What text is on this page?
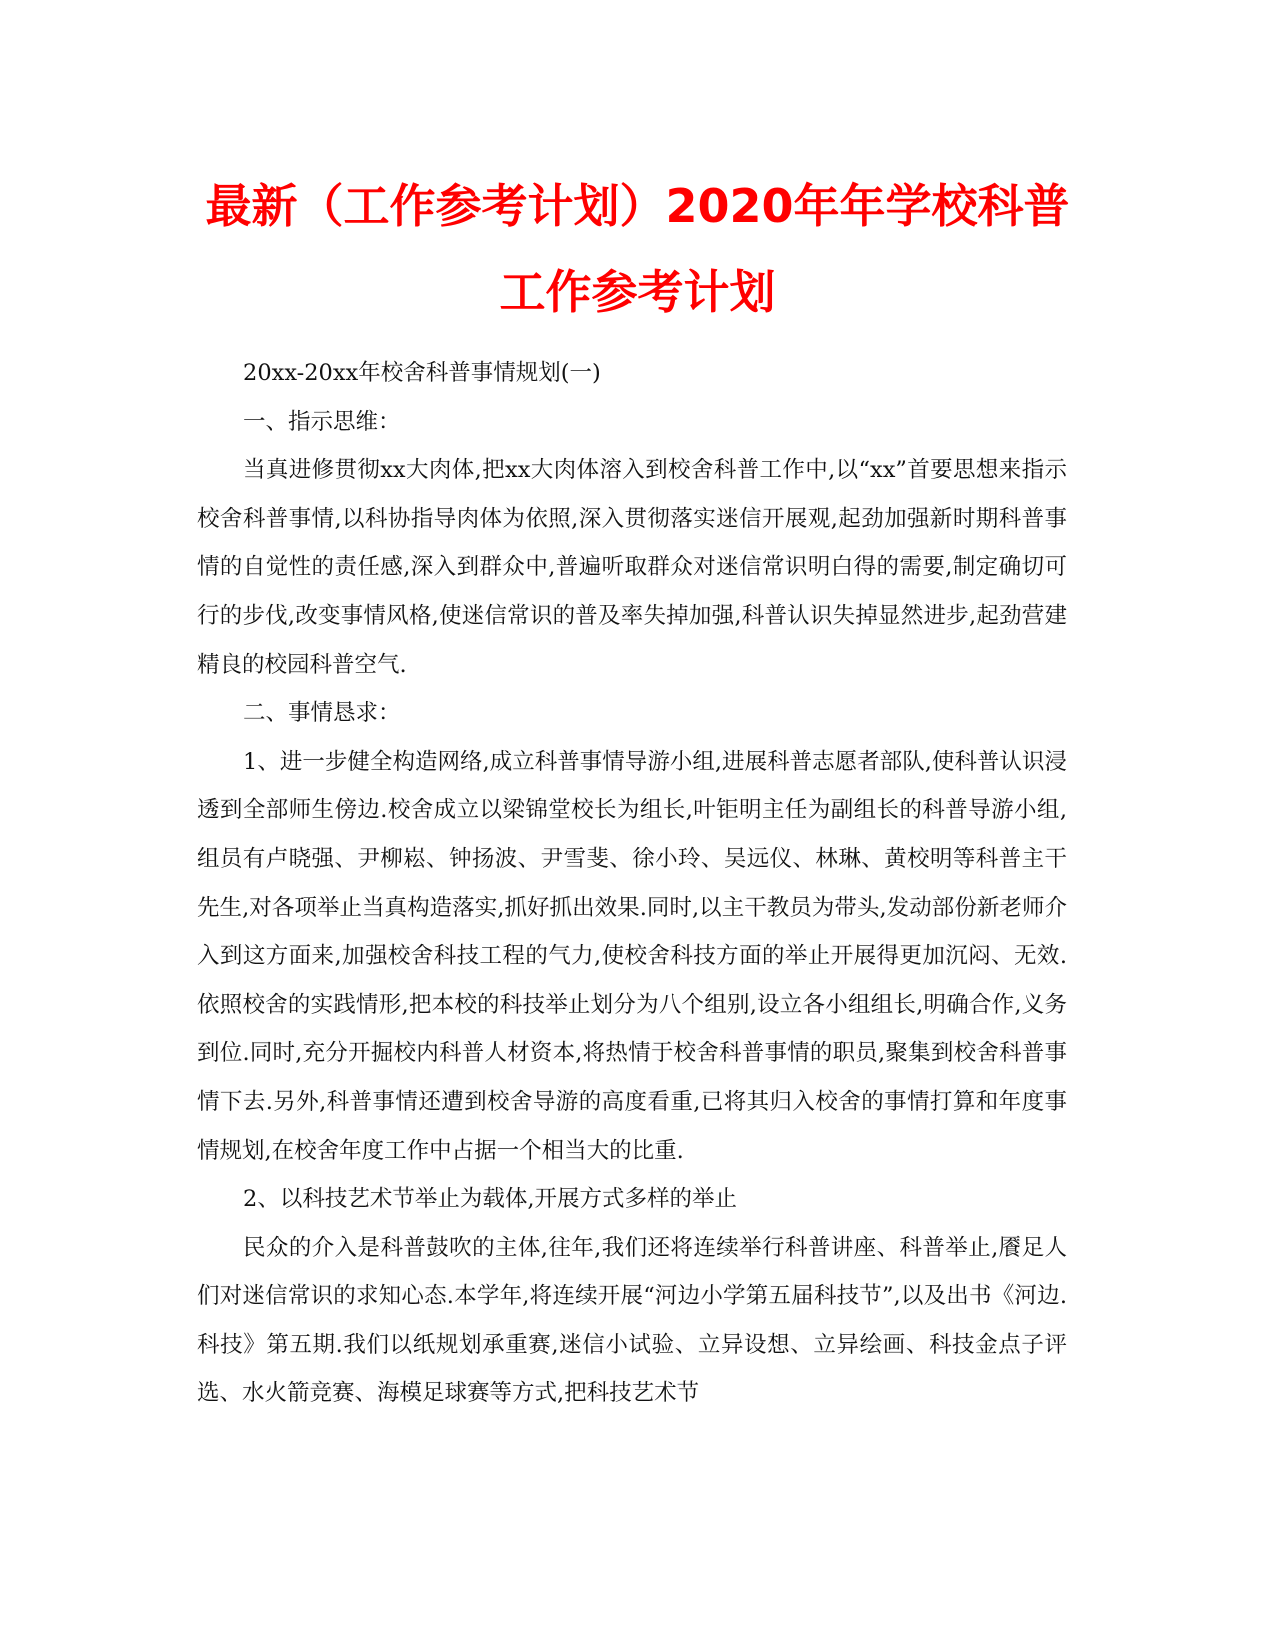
最新（工作参考计划）2020年年学校科普
工作参考计划

20xx-20xx年校舍科普事情规划(一)

一、指示思维：

当真进修贯彻xx大肉体,把xx大肉体溶入到校舍科普工作中,以“xx”首要思想来指示校舍科普事情,以科协指导肉体为依照,深入贯彻落实迷信开展观,起劲加强新时期科普事情的自觉性的责任感,深入到群众中,普遍听取群众对迷信常识明白得的需要,制定确切可行的步伐,改变事情风格,使迷信常识的普及率失掉加强,科普认识失掉显然进步,起劲营建精良的校园科普空气.

二、事情恳求：

1、进一步健全构造网络,成立科普事情导游小组,进展科普志愿者部队,使科普认识浸透到全部师生傍边.校舍成立以梁锦堂校长为组长,叶钜明主任为副组长的科普导游小组,组员有卢晓强、尹柳崧、钟扬波、尹雪斐、徐小玲、吴远仪、林琳、黄校明等科普主干先生,对各项举止当真构造落实,抓好抓出效果.同时,以主干教员为带头,发动部份新老师介入到这方面来,加强校舍科技工程的气力,使校舍科技方面的举止开展得更加沉闷、无效.依照校舍的实践情形,把本校的科技举止划分为八个组别,设立各小组组长,明确合作,义务到位.同时,充分开掘校内科普人材资本,将热情于校舍科普事情的职员,聚集到校舍科普事情下去.另外,科普事情还遭到校舍导游的高度看重,已将其归入校舍的事情打算和年度事情规划,在校舍年度工作中占据一个相当大的比重.

2、以科技艺术节举止为载体,开展方式多样的举止

民众的介入是科普鼓吹的主体,往年,我们还将连续举行科普讲座、科普举止,餍足人们对迷信常识的求知心态.本学年,将连续开展“河边小学第五届科技节”,以及出书《河边.科技》第五期.我们以纸规划承重赛,迷信小试验、立异设想、立异绘画、科技金点子评选、水火箭竞赛、海模足球赛等方式,把科技艺术节
